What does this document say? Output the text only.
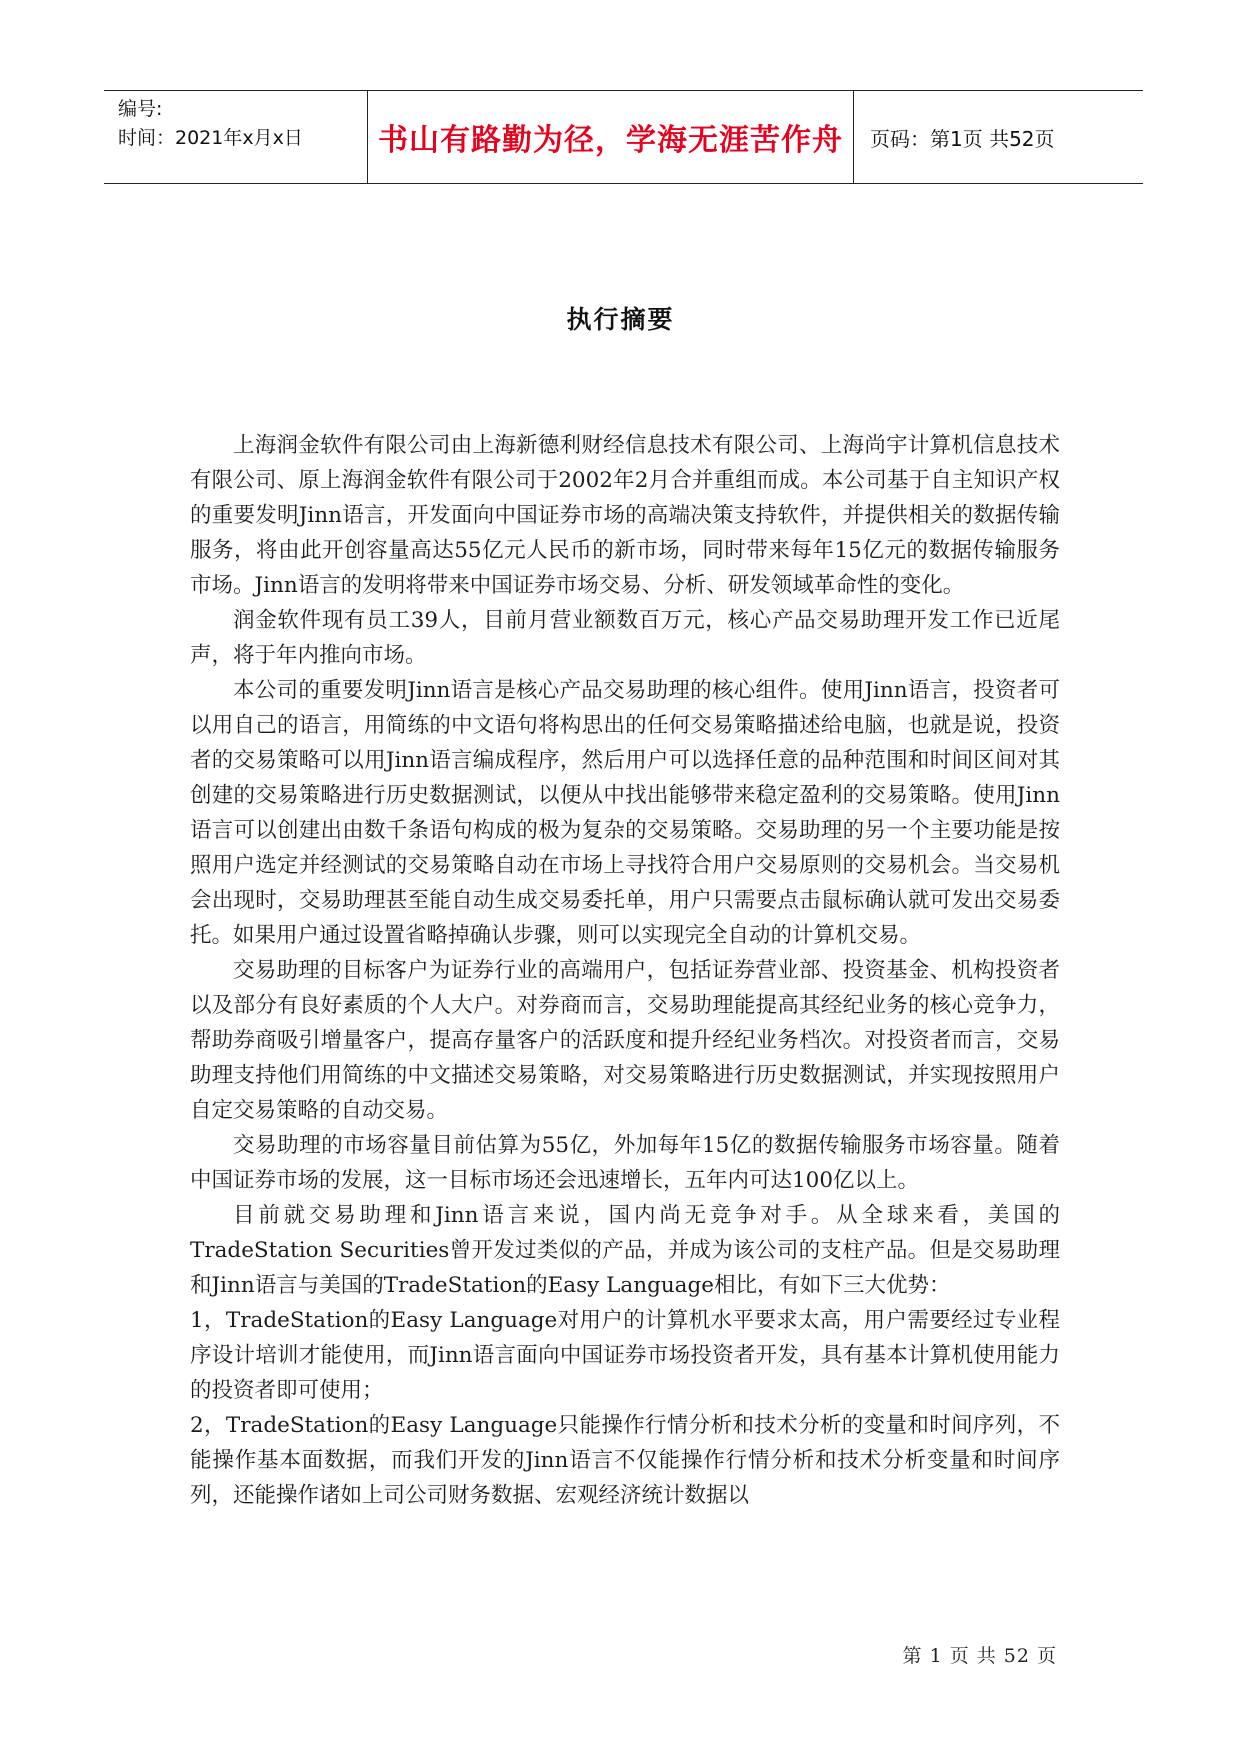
编号:
时间：2021年x月x日	书山有路勤为径，学海无涯苦作舟	页码：第1页 共52页
执行摘要

上海润金软件有限公司由上海新德利财经信息技术有限公司、上海尚宇计算机信息技术有限公司、原上海润金软件有限公司于2002年2月合并重组而成。本公司基于自主知识产权的重要发明Jinn语言，开发面向中国证券市场的高端决策支持软件，并提供相关的数据传输服务，将由此开创容量高达55亿元人民币的新市场，同时带来每年15亿元的数据传输服务市场。Jinn语言的发明将带来中国证券市场交易、分析、研发领域革命性的变化。

润金软件现有员工39人，目前月营业额数百万元，核心产品交易助理开发工作已近尾声，将于年内推向市场。

本公司的重要发明Jinn语言是核心产品交易助理的核心组件。使用Jinn语言，投资者可以用自己的语言，用简练的中文语句将构思出的任何交易策略描述给电脑，也就是说，投资者的交易策略可以用Jinn语言编成程序，然后用户可以选择任意的品种范围和时间区间对其创建的交易策略进行历史数据测试，以便从中找出能够带来稳定盈利的交易策略。使用Jinn语言可以创建出由数千条语句构成的极为复杂的交易策略。交易助理的另一个主要功能是按照用户选定并经测试的交易策略自动在市场上寻找符合用户交易原则的交易机会。当交易机会出现时，交易助理甚至能自动生成交易委托单，用户只需要点击鼠标确认就可发出交易委托。如果用户通过设置省略掉确认步骤，则可以实现完全自动的计算机交易。

交易助理的目标客户为证券行业的高端用户，包括证券营业部、投资基金、机构投资者以及部分有良好素质的个人大户。对券商而言，交易助理能提高其经纪业务的核心竞争力，帮助券商吸引增量客户，提高存量客户的活跃度和提升经纪业务档次。对投资者而言，交易助理支持他们用简练的中文描述交易策略，对交易策略进行历史数据测试，并实现按照用户自定交易策略的自动交易。

交易助理的市场容量目前估算为55亿，外加每年15亿的数据传输服务市场容量。随着中国证券市场的发展，这一目标市场还会迅速增长，五年内可达100亿以上。

目前就交易助理和Jinn语言来说，国内尚无竞争对手。从全球来看，美国的TradeStation Securities曾开发过类似的产品，并成为该公司的支柱产品。但是交易助理和Jinn语言与美国的TradeStation的Easy Language相比，有如下三大优势：

1，TradeStation的Easy Language对用户的计算机水平要求太高，用户需要经过专业程序设计培训才能使用，而Jinn语言面向中国证券市场投资者开发，具有基本计算机使用能力的投资者即可使用；

2，TradeStation的Easy Language只能操作行情分析和技术分析的变量和时间序列，不能操作基本面数据，而我们开发的Jinn语言不仅能操作行情分析和技术分析变量和时间序列，还能操作诸如上司公司财务数据、宏观经济统计数据以

第 1 页 共 52 页
